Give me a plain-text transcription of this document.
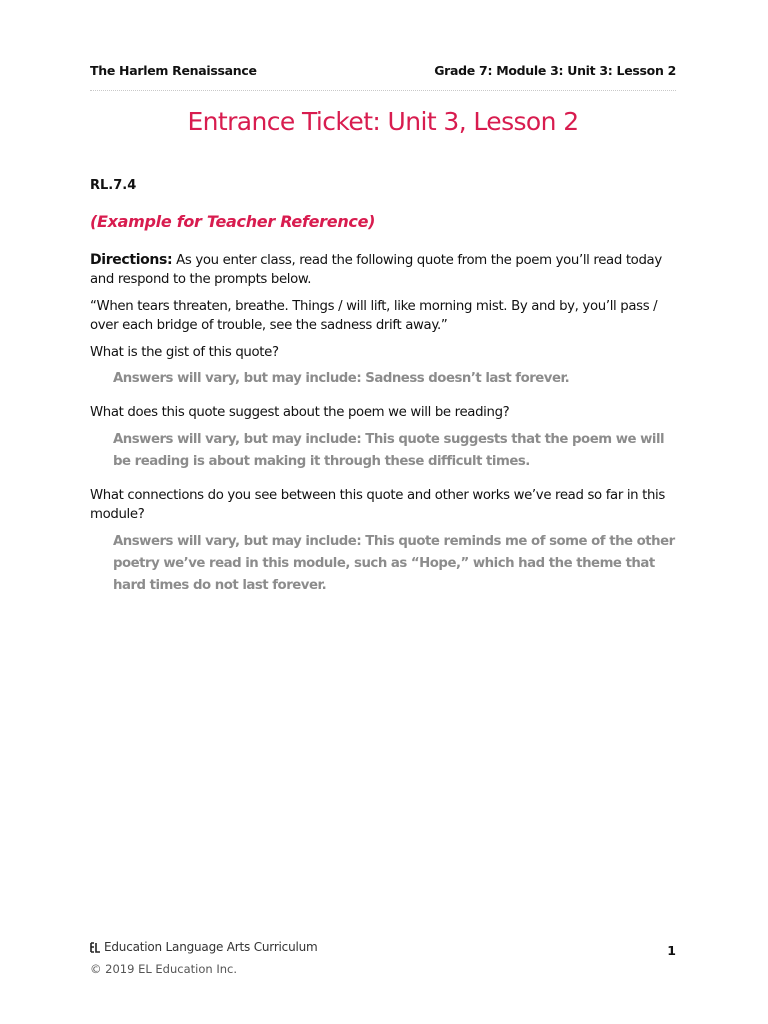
The Harlem Renaissance	Grade 7: Module 3: Unit 3: Lesson 2
Entrance Ticket: Unit 3, Lesson 2
RL.7.4
(Example for Teacher Reference)
Directions: As you enter class, read the following quote from the poem you’ll read today and respond to the prompts below.
“When tears threaten, breathe. Things / will lift, like morning mist. By and by, you’ll pass / over each bridge of trouble, see the sadness drift away.”
What is the gist of this quote?
Answers will vary, but may include: Sadness doesn’t last forever.
What does this quote suggest about the poem we will be reading?
Answers will vary, but may include: This quote suggests that the poem we will be reading is about making it through these difficult times.
What connections do you see between this quote and other works we’ve read so far in this module?
Answers will vary, but may include: This quote reminds me of some of the other poetry we’ve read in this module, such as “Hope,” which had the theme that hard times do not last forever.
Education Language Arts Curriculum
© 2019 EL Education Inc.
1
